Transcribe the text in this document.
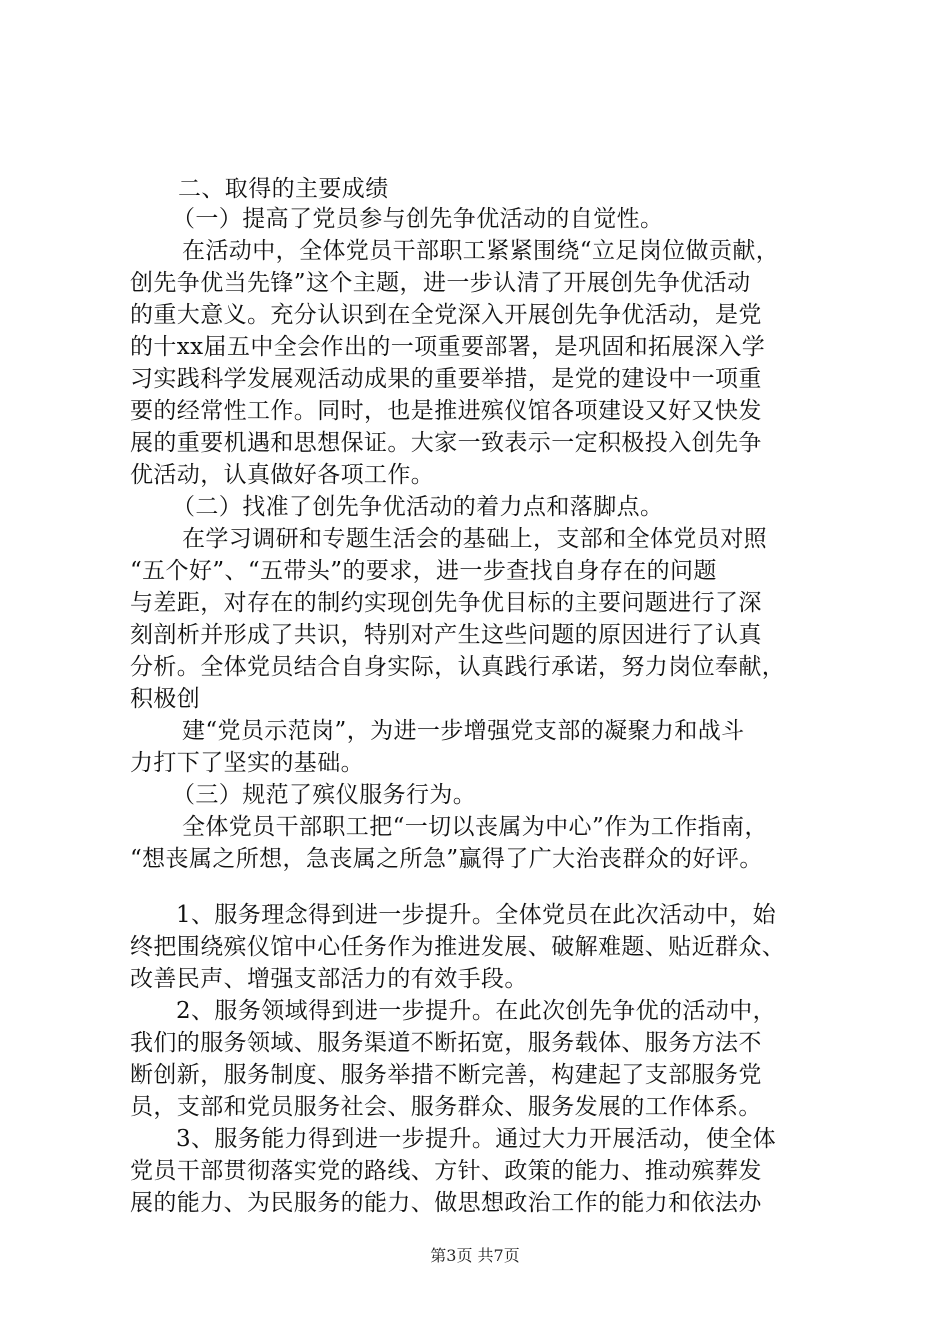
二、取得的主要成绩
（一）提高了党员参与创先争优活动的自觉性。
在活动中，全体党员干部职工紧紧围绕“立足岗位做贡献，
创先争优当先锋”这个主题，进一步认清了开展创先争优活动
的重大意义。充分认识到在全党深入开展创先争优活动，是党
的十xx届五中全会作出的一项重要部署，是巩固和拓展深入学
习实践科学发展观活动成果的重要举措，是党的建设中一项重
要的经常性工作。同时，也是推进殡仪馆各项建设又好又快发
展的重要机遇和思想保证。大家一致表示一定积极投入创先争
优活动，认真做好各项工作。
（二）找准了创先争优活动的着力点和落脚点。
在学习调研和专题生活会的基础上，支部和全体党员对照
“五个好”、“五带头”的要求，进一步查找自身存在的问题
与差距，对存在的制约实现创先争优目标的主要问题进行了深
刻剖析并形成了共识，特别对产生这些问题的原因进行了认真
分析。全体党员结合自身实际，认真践行承诺，努力岗位奉献，
积极创
建“党员示范岗”，为进一步增强党支部的凝聚力和战斗
力打下了坚实的基础。
（三）规范了殡仪服务行为。
全体党员干部职工把“一切以丧属为中心”作为工作指南，
“想丧属之所想，急丧属之所急”赢得了广大治丧群众的好评。
1、服务理念得到进一步提升。全体党员在此次活动中，始
终把围绕殡仪馆中心任务作为推进发展、破解难题、贴近群众、
改善民声、增强支部活力的有效手段。
2、服务领域得到进一步提升。在此次创先争优的活动中，
我们的服务领域、服务渠道不断拓宽，服务载体、服务方法不
断创新，服务制度、服务举措不断完善，构建起了支部服务党
员，支部和党员服务社会、服务群众、服务发展的工作体系。
3、服务能力得到进一步提升。通过大力开展活动，使全体
党员干部贯彻落实党的路线、方针、政策的能力、推动殡葬发
展的能力、为民服务的能力、做思想政治工作的能力和依法办
第3页 共7页
